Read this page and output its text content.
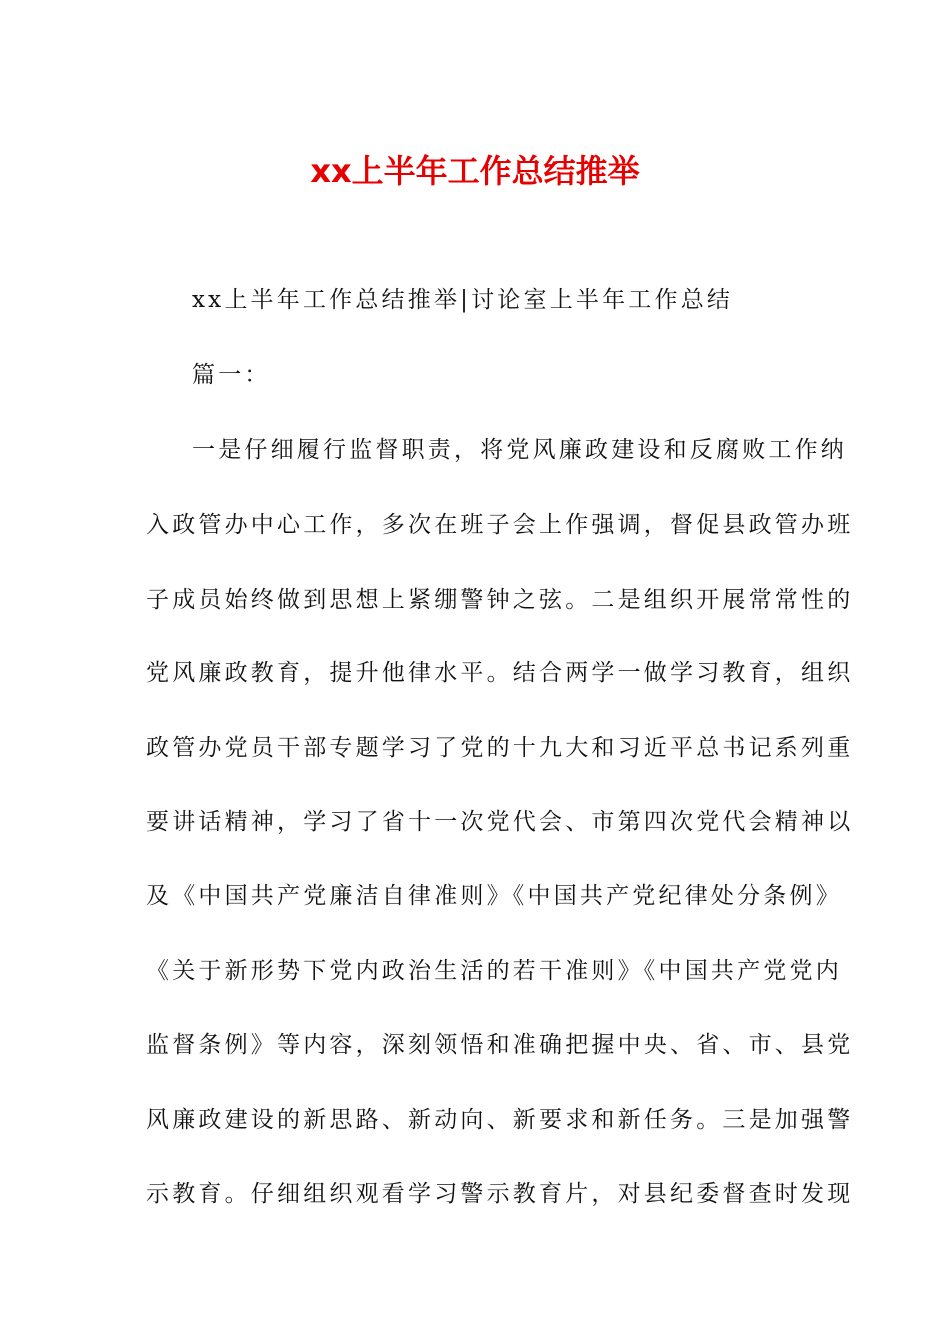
xx上半年工作总结推举
xx上半年工作总结推举|讨论室上半年工作总结
篇一：
一是仔细履行监督职责，将党风廉政建设和反腐败工作纳
入政管办中心工作，多次在班子会上作强调，督促县政管办班
子成员始终做到思想上紧绷警钟之弦。二是组织开展常常性的
党风廉政教育，提升他律水平。结合两学一做学习教育，组织
政管办党员干部专题学习了党的十九大和习近平总书记系列重
要讲话精神，学习了省十一次党代会、市第四次党代会精神以
及《中国共产党廉洁自律准则》《中国共产党纪律处分条例》
《关于新形势下党内政治生活的若干准则》《中国共产党党内
监督条例》等内容，深刻领悟和准确把握中央、省、市、县党
风廉政建设的新思路、新动向、新要求和新任务。三是加强警
示教育。仔细组织观看学习警示教育片，对县纪委督查时发现
